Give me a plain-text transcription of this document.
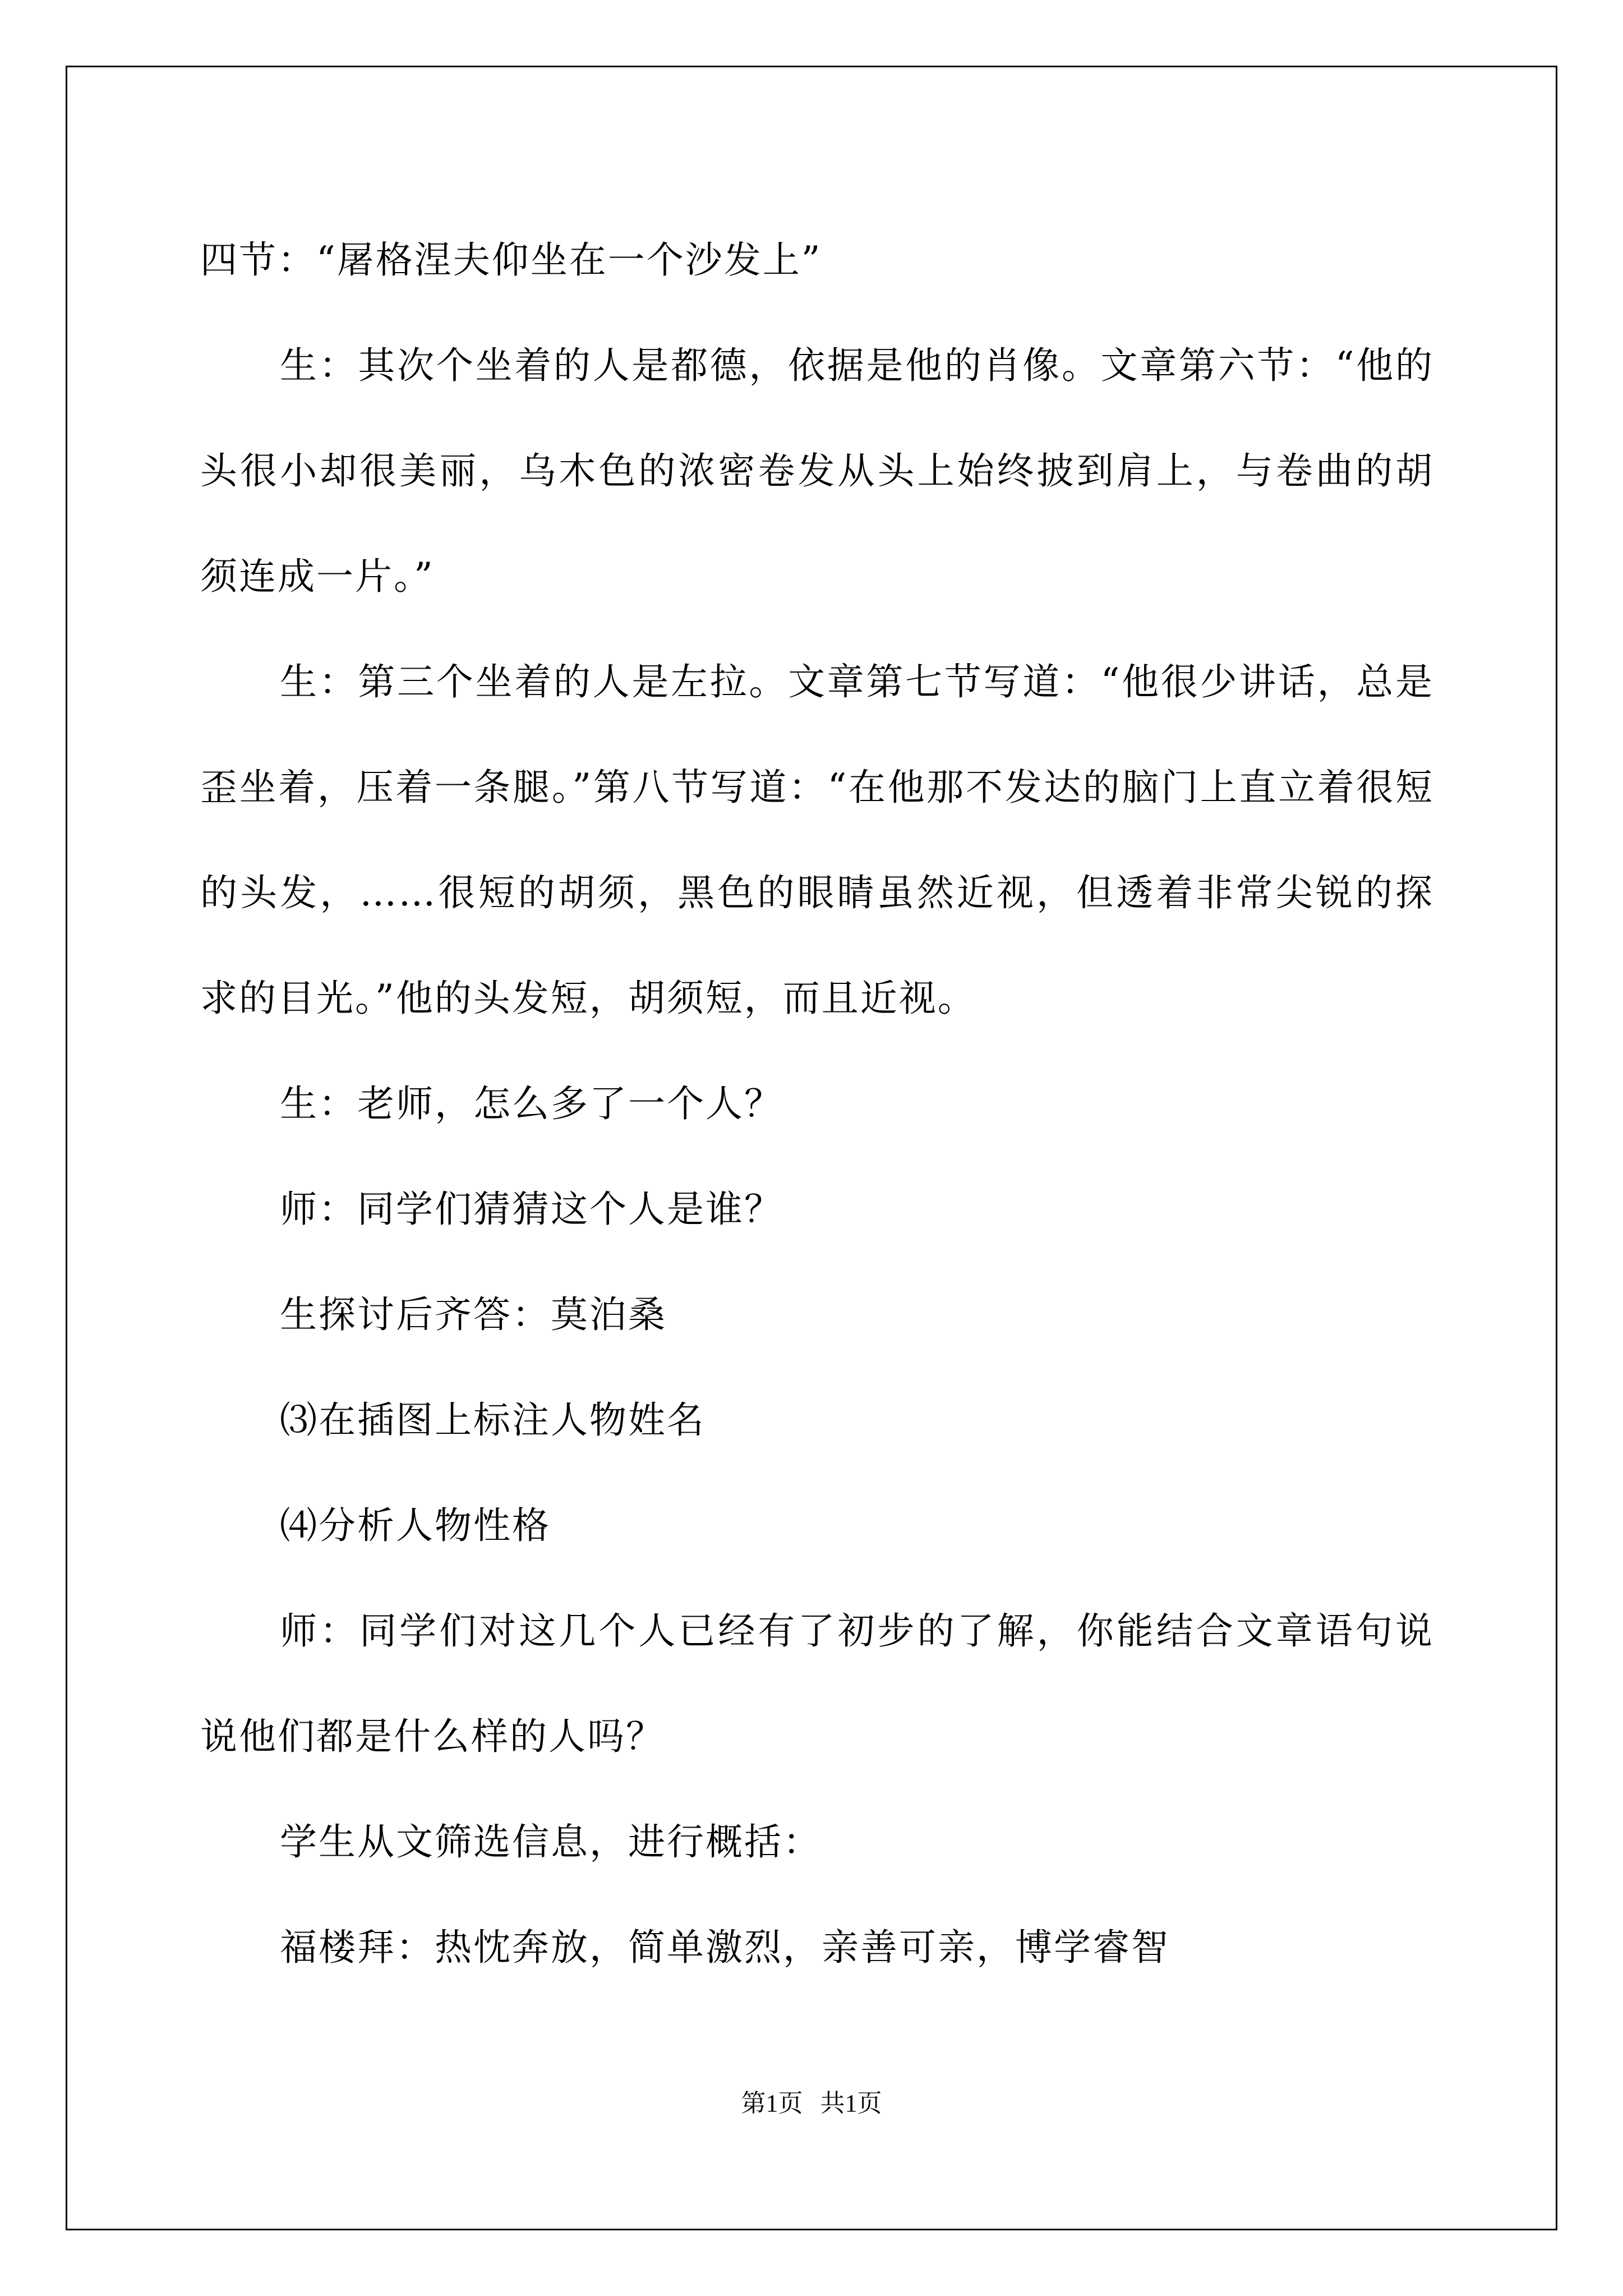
四节：“屠格涅夫仰坐在一个沙发上”

生：其次个坐着的人是都德，依据是他的肖像。文章第六节：“他的头很小却很美丽，乌木色的浓密卷发从头上始终披到肩上，与卷曲的胡须连成一片。”

生：第三个坐着的人是左拉。文章第七节写道：“他很少讲话，总是歪坐着，压着一条腿。”第八节写道：“在他那不发达的脑门上直立着很短的头发，……很短的胡须，黑色的眼睛虽然近视，但透着非常尖锐的探求的目光。”他的头发短，胡须短，而且近视。

生：老师，怎么多了一个人？

师：同学们猜猜这个人是谁？

生探讨后齐答：莫泊桑

⑶在插图上标注人物姓名

⑷分析人物性格

师：同学们对这几个人已经有了初步的了解，你能结合文章语句说说他们都是什么样的人吗？

学生从文筛选信息，进行概括：

福楼拜：热忱奔放，简单激烈，亲善可亲，博学睿智

第1页 共1页
